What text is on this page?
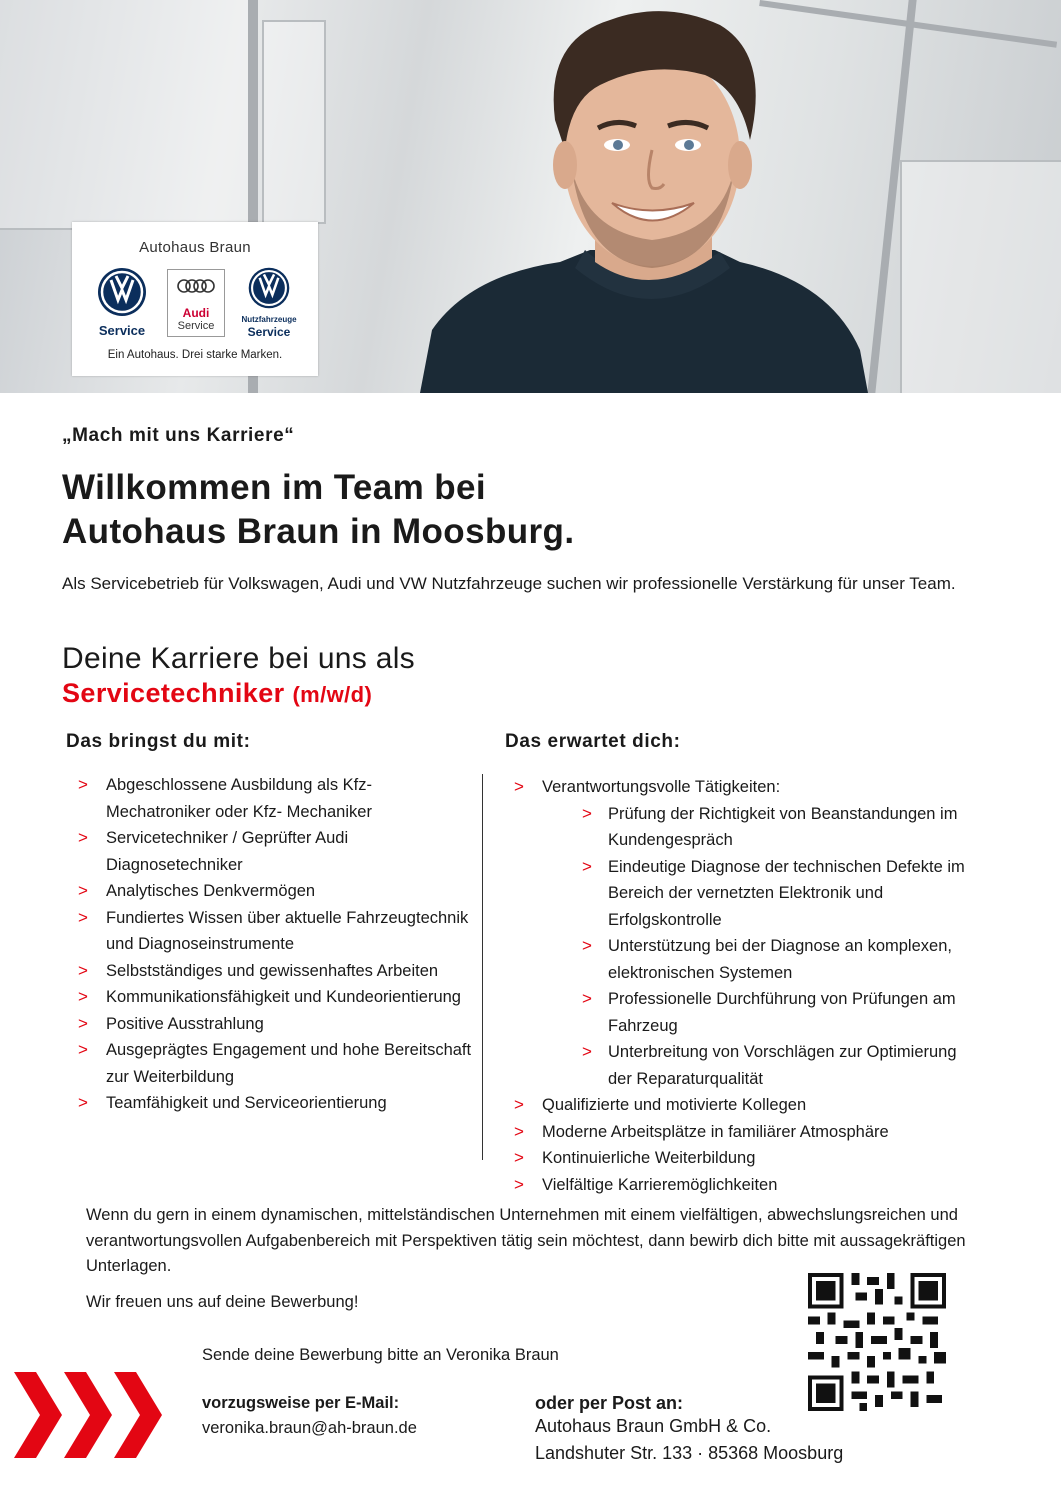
Autohaus Braun
Service
Audi
Service
Nutzfahrzeuge
Service
Ein Autohaus. Drei starke Marken.
„Mach mit uns Karriere“
Willkommen im Team bei
Autohaus Braun in Moosburg.
Als Servicebetrieb für Volkswagen, Audi und VW Nutzfahrzeuge suchen wir professionelle Verstärkung für unser Team.
Deine Karriere bei uns als
Servicetechniker (m/w/d)
Das bringst du mit:
> Abgeschlossene Ausbildung als Kfz-Mechatroniker oder Kfz- Mechaniker
> Servicetechniker / Geprüfter Audi Diagnosetechniker
> Analytisches Denkvermögen
> Fundiertes Wissen über aktuelle Fahrzeugtechnik und Diagnoseinstrumente
> Selbstständiges und gewissenhaftes Arbeiten
> Kommunikationsfähigkeit und Kundeorientierung
> Positive Ausstrahlung
> Ausgeprägtes Engagement und hohe Bereitschaft zur Weiterbildung
> Teamfähigkeit und Serviceorientierung
Das erwartet dich:
> Verantwortungsvolle Tätigkeiten:
> Prüfung der Richtigkeit von Beanstandungen im Kundengespräch
> Eindeutige Diagnose der technischen Defekte im Bereich der vernetzten Elektronik und Erfolgskontrolle
> Unterstützung bei der Diagnose an komplexen, elektronischen Systemen
> Professionelle Durchführung von Prüfungen am Fahrzeug
> Unterbreitung von Vorschlägen zur Optimierung der Reparaturqualität
> Qualifizierte und motivierte Kollegen
> Moderne Arbeitsplätze in familiärer Atmosphäre
> Kontinuierliche Weiterbildung
> Vielfältige Karrieremöglichkeiten
Wenn du gern in einem dynamischen, mittelständischen Unternehmen mit einem vielfältigen, abwechslungsreichen und verantwortungsvollen Aufgabenbereich mit Perspektiven tätig sein möchtest, dann bewirb dich bitte mit aussagekräftigen Unterlagen.
Wir freuen uns auf deine Bewerbung!
Sende deine Bewerbung bitte an Veronika Braun
vorzugsweise per E-Mail:
veronika.braun@ah-braun.de
oder per Post an:
Autohaus Braun GmbH & Co.
Landshuter Str. 133 · 85368 Moosburg
